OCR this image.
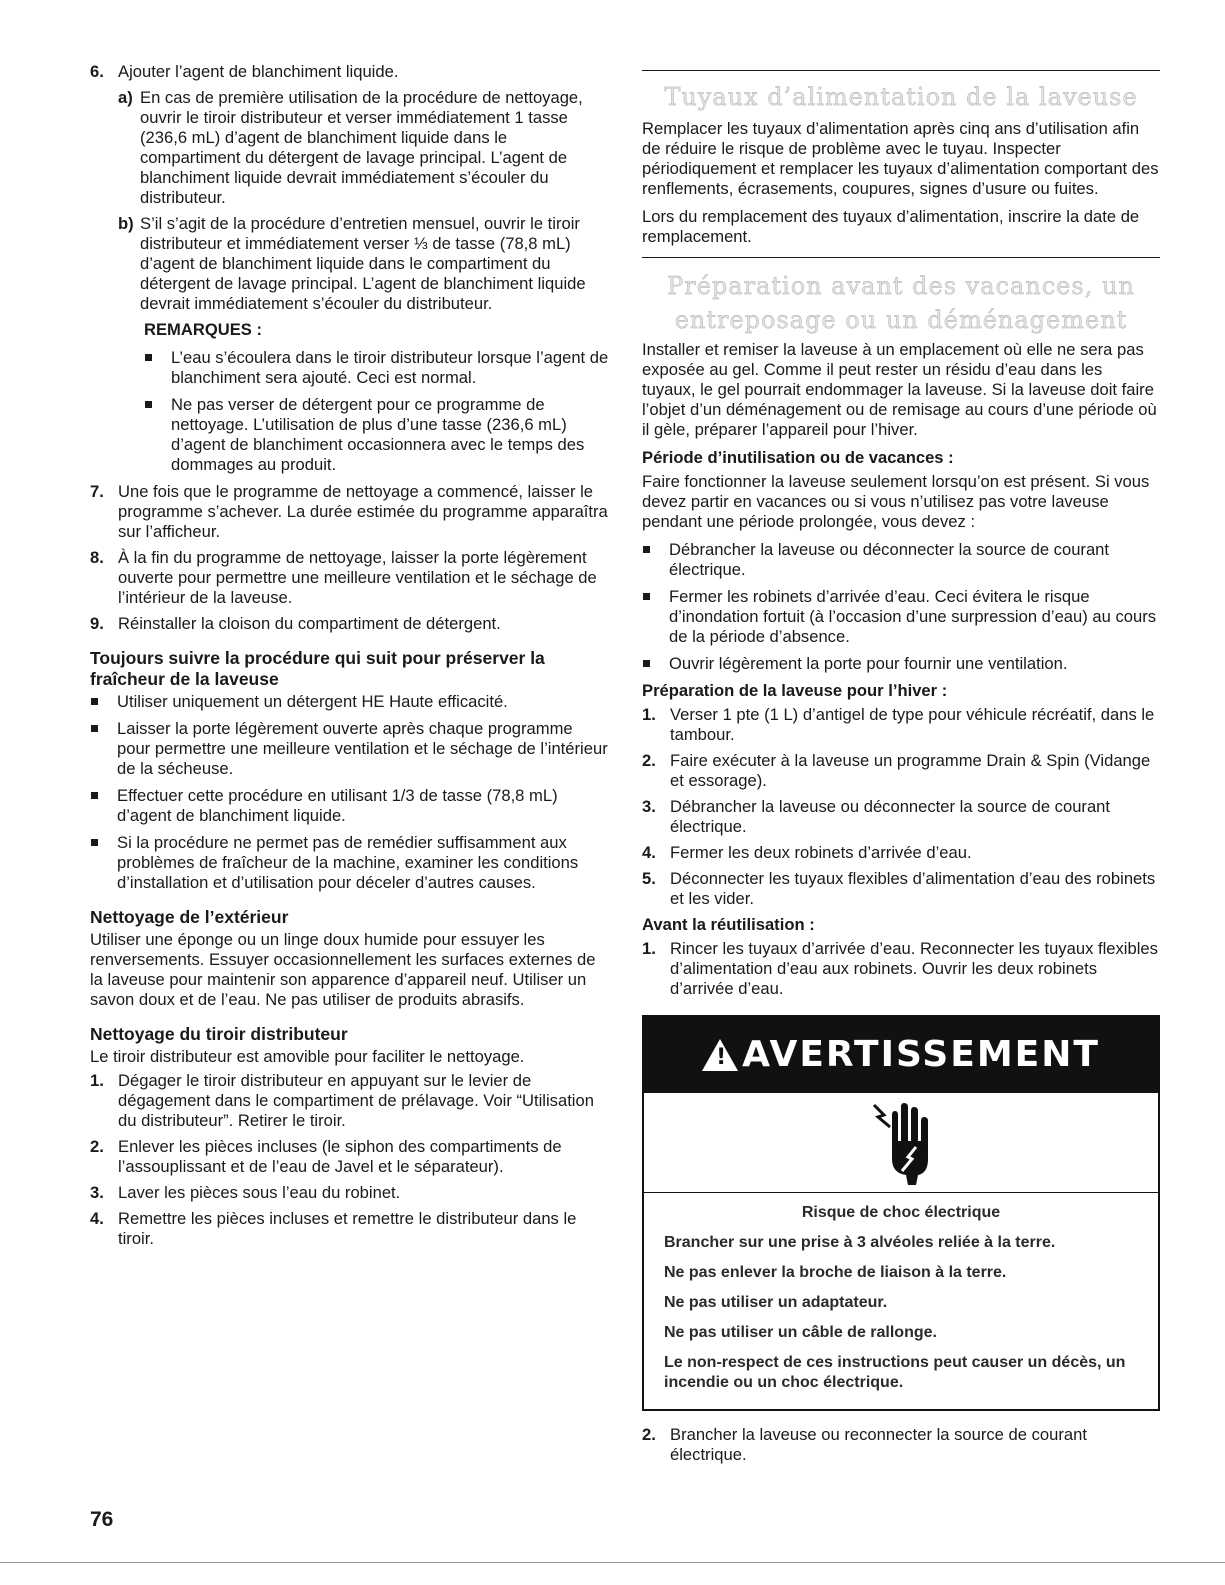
6. Ajouter l’agent de blanchiment liquide.
a) En cas de première utilisation de la procédure de nettoyage, ouvrir le tiroir distributeur et verser immédiatement 1 tasse (236,6 mL) d’agent de blanchiment liquide dans le compartiment du détergent de lavage principal. L’agent de blanchiment liquide devrait immédiatement s’écouler du distributeur.
b) S’il s’agit de la procédure d’entretien mensuel, ouvrir le tiroir distributeur et immédiatement verser ⅓ de tasse (78,8 mL) d’agent de blanchiment liquide dans le compartiment du détergent de lavage principal. L’agent de blanchiment liquide devrait immédiatement s’écouler du distributeur.
REMARQUES :
L’eau s’écoulera dans le tiroir distributeur lorsque l’agent de blanchiment sera ajouté. Ceci est normal.
Ne pas verser de détergent pour ce programme de nettoyage. L’utilisation de plus d’une tasse (236,6 mL) d’agent de blanchiment occasionnera avec le temps des dommages au produit.
7. Une fois que le programme de nettoyage a commencé, laisser le programme s’achever. La durée estimée du programme apparaîtra sur l’afficheur.
8. À la fin du programme de nettoyage, laisser la porte légèrement ouverte pour permettre une meilleure ventilation et le séchage de l’intérieur de la laveuse.
9. Réinstaller la cloison du compartiment de détergent.
Toujours suivre la procédure qui suit pour préserver la fraîcheur de la laveuse
Utiliser uniquement un détergent HE Haute efficacité.
Laisser la porte légèrement ouverte après chaque programme pour permettre une meilleure ventilation et le séchage de l’intérieur de la sécheuse.
Effectuer cette procédure en utilisant 1/3 de tasse (78,8 mL) d’agent de blanchiment liquide.
Si la procédure ne permet pas de remédier suffisamment aux problèmes de fraîcheur de la machine, examiner les conditions d’installation et d’utilisation pour déceler d’autres causes.
Nettoyage de l’extérieur

Utiliser une éponge ou un linge doux humide pour essuyer les renversements. Essuyer occasionnellement les surfaces externes de la laveuse pour maintenir son apparence d’appareil neuf. Utiliser un savon doux et de l’eau. Ne pas utiliser de produits abrasifs.

Nettoyage du tiroir distributeur

Le tiroir distributeur est amovible pour faciliter le nettoyage.

1. Dégager le tiroir distributeur en appuyant sur le levier de dégagement dans le compartiment de prélavage. Voir “Utilisation du distributeur”. Retirer le tiroir.
2. Enlever les pièces incluses (le siphon des compartiments de l’assouplissant et de l’eau de Javel et le séparateur).
3. Laver les pièces sous l’eau du robinet.
4. Remettre les pièces incluses et remettre le distributeur dans le tiroir.
Tuyaux d’alimentation de la laveuse

Remplacer les tuyaux d’alimentation après cinq ans d’utilisation afin de réduire le risque de problème avec le tuyau. Inspecter périodiquement et remplacer les tuyaux d’alimentation comportant des renflements, écrasements, coupures, signes d’usure ou fuites.

Lors du remplacement des tuyaux d’alimentation, inscrire la date de remplacement.

Préparation avant des vacances, un
entreposage ou un déménagement

Installer et remiser la laveuse à un emplacement où elle ne sera pas exposée au gel. Comme il peut rester un résidu d’eau dans les tuyaux, le gel pourrait endommager la laveuse. Si la laveuse doit faire l’objet d’un déménagement ou de remisage au cours d’une période où il gèle, préparer l’appareil pour l’hiver.

Période d’inutilisation ou de vacances :

Faire fonctionner la laveuse seulement lorsqu’on est présent. Si vous devez partir en vacances ou si vous n’utilisez pas votre laveuse pendant une période prolongée, vous devez :

Débrancher la laveuse ou déconnecter la source de courant électrique.
Fermer les robinets d’arrivée d’eau. Ceci évitera le risque d’inondation fortuit (à l’occasion d’une surpression d’eau) au cours de la période d’absence.
Ouvrir légèrement la porte pour fournir une ventilation.
Préparation de la laveuse pour l’hiver :
1. Verser 1 pte (1 L) d’antigel de type pour véhicule récréatif, dans le tambour.
2. Faire exécuter à la laveuse un programme Drain & Spin (Vidange et essorage).
3. Débrancher la laveuse ou déconnecter la source de courant électrique.
4. Fermer les deux robinets d’arrivée d’eau.
5. Déconnecter les tuyaux flexibles d’alimentation d’eau des robinets et les vider.
Avant la réutilisation :
1. Rincer les tuyaux d’arrivée d’eau. Reconnecter les tuyaux flexibles d’alimentation d’eau aux robinets. Ouvrir les deux robinets d’arrivée d’eau.
! AVERTISSEMENT

Risque de choc électrique

Brancher sur une prise à 3 alvéoles reliée à la terre.

Ne pas enlever la broche de liaison à la terre.

Ne pas utiliser un adaptateur.

Ne pas utiliser un câble de rallonge.

Le non-respect de ces instructions peut causer un décès, un incendie ou un choc électrique.

2. Brancher la laveuse ou reconnecter la source de courant électrique.
76
